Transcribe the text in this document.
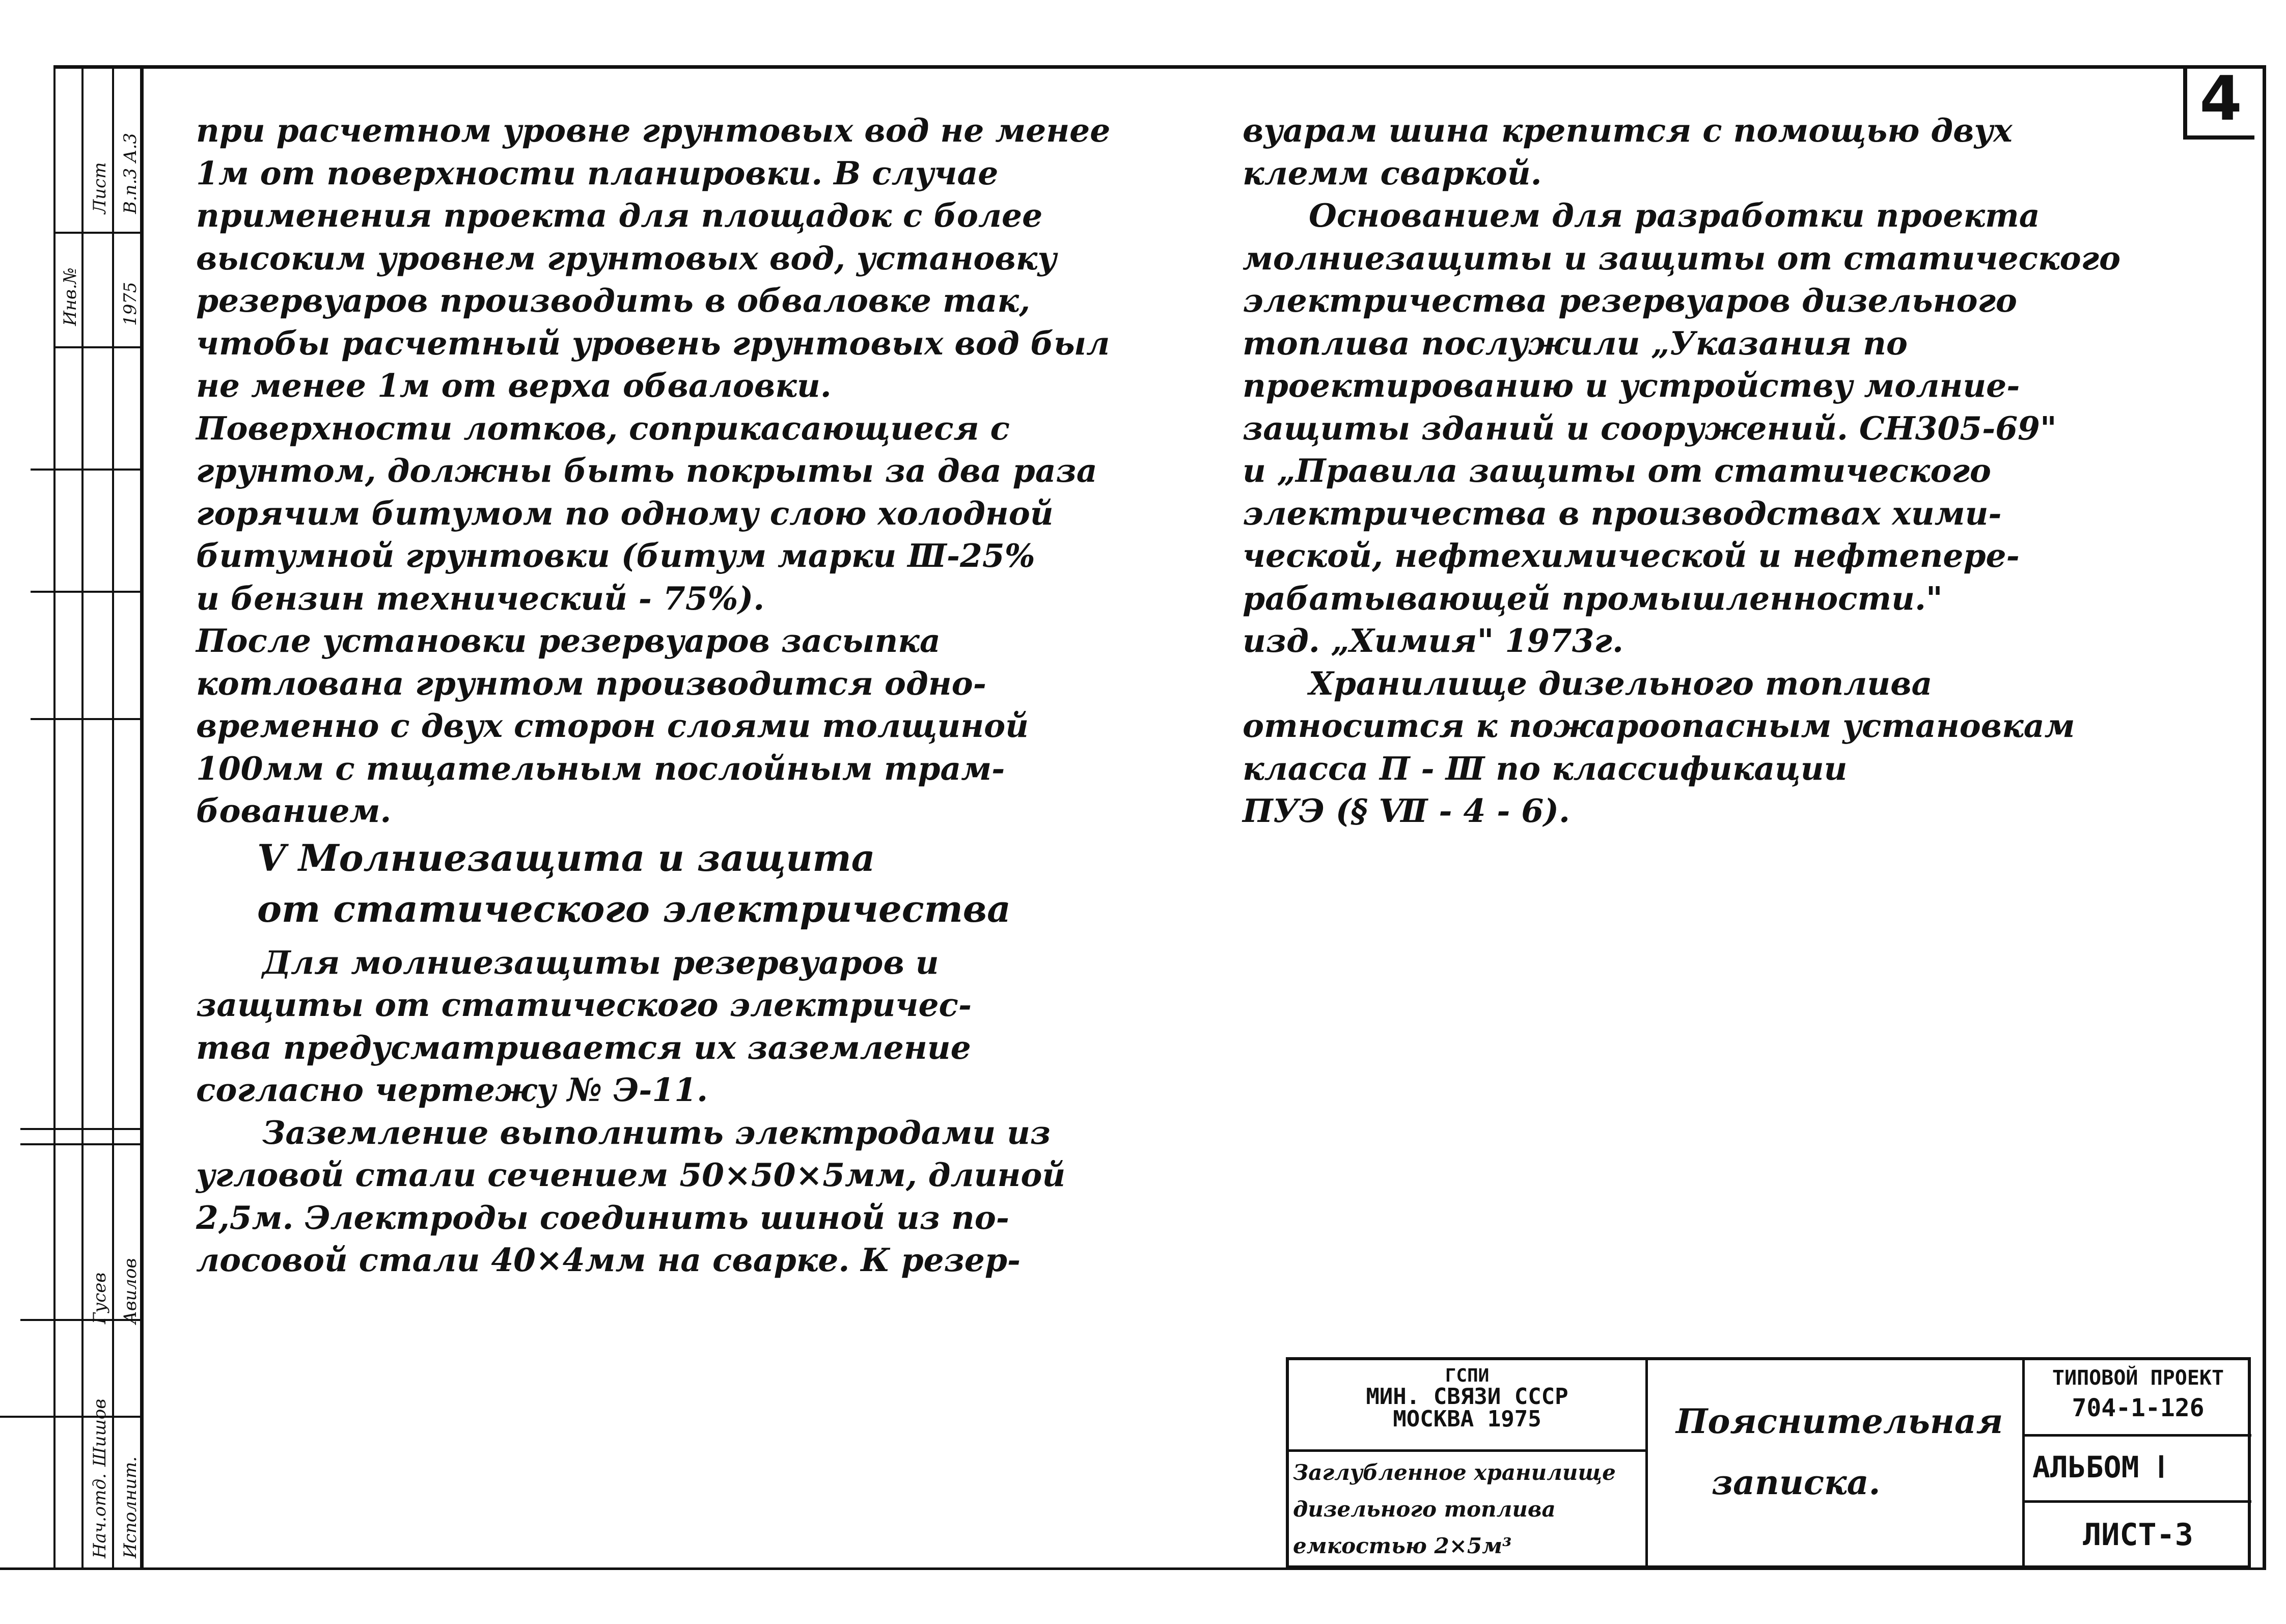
Инв.№
Лист
1975
В.п.3 А.3
Нач.отд. Исполнит.
Шишов
Гусев Авилов
4

при расчетном уровне грунтовых вод не менее

1м от поверхности планировки. В случае

применения проекта для площадок с более

высоким уровнем грунтовых вод, установку

резервуаров производить в обваловке так,

чтобы расчетный уровень грунтовых вод был

не менее 1м от верха обваловки.

Поверхности лотков, соприкасающиеся с

грунтом, должны быть покрыты за два раза

горячим битумом по одному слою холодной

битумной грунтовки (битум марки Ⅲ-25%

и бензин технический - 75%).

После установки резервуаров засыпка

котлована грунтом производится одно-

временно с двух сторон слоями толщиной

100мм с тщательным послойным трам-

бованием.

Ⅴ Молниезащита и защита

от статического электричества

Для молниезащиты резервуаров и

защиты от статического электричес-

тва предусматривается их заземление

согласно чертежу № Э-11.

Заземление выполнить электродами из

угловой стали сечением 50×50×5мм, длиной

2,5м. Электроды соединить шиной из по-

лосовой стали 40×4мм на сварке. К резер-

вуарам шина крепится с помощью двух

клемм сваркой.

Основанием для разработки проекта

молниезащиты и защиты от статического

электричества резервуаров дизельного

топлива послужили „Указания по

проектированию и устройству молние-

защиты зданий и сооружений. СН305-69"

и „Правила защиты от статического

электричества в производствах хими-

ческой, нефтехимической и нефтепере-

рабатывающей промышленности."

изд. „Химия" 1973г.

Хранилище дизельного топлива

относится к пожароопасным установкам

класса П - Ⅲ по классификации

ПУЭ (§ Ⅶ - 4 - 6).

ГСПИ
МИН. СВЯЗИ СССР
МОСКВА 1975
Заглубленное хранилище
дизельного топлива
емкостью 2×5м³
Пояснительная
записка.
ТИПОВОЙ ПРОЕКТ
704-1-126
АЛЬБОМ Ⅰ
ЛИСТ-3
